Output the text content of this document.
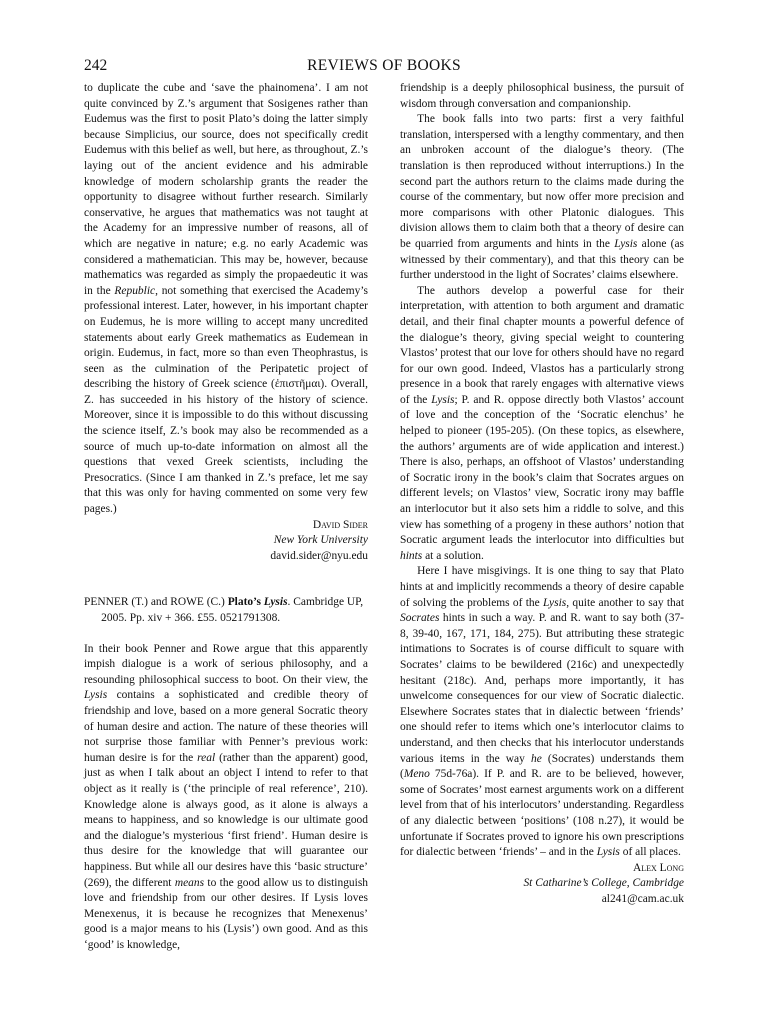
242	REVIEWS OF BOOKS

to duplicate the cube and ‘save the phainomena’. I am not quite convinced by Z.’s argument that Sosigenes rather than Eudemus was the first to posit Plato’s doing the latter simply because Simplicius, our source, does not specifically credit Eudemus with this belief as well, but here, as throughout, Z.’s laying out of the ancient evidence and his admirable knowledge of modern scholarship grants the reader the opportunity to disagree without further research. Similarly conservative, he argues that mathematics was not taught at the Academy for an impressive number of reasons, all of which are negative in nature; e.g. no early Academic was considered a mathematician. This may be, however, because mathematics was regarded as simply the propaedeutic it was in the Republic, not something that exercised the Academy’s professional interest. Later, however, in his important chapter on Eudemus, he is more willing to accept many uncredited statements about early Greek mathematics as Eudemean in origin. Eudemus, in fact, more so than even Theophrastus, is seen as the culmination of the Peripatetic project of describing the history of Greek science (ἐπιστῆμαι). Overall, Z. has succeeded in his history of the history of science. Moreover, since it is impossible to do this without discussing the science itself, Z.’s book may also be recommended as a source of much up-to-date information on almost all the questions that vexed Greek scientists, including the Presocratics. (Since I am thanked in Z.’s preface, let me say that this was only for having commented on some very few pages.)

David Sider

New York University

david.sider@nyu.edu

PENNER (T.) and ROWE (C.) Plato’s Lysis. Cambridge UP, 2005. Pp. xiv + 366. £55. 0521791308.

In their book Penner and Rowe argue that this apparently impish dialogue is a work of serious philosophy, and a resounding philosophical success to boot. On their view, the Lysis contains a sophisticated and credible theory of friendship and love, based on a more general Socratic theory of human desire and action. The nature of these theories will not surprise those familiar with Penner’s previous work: human desire is for the real (rather than the apparent) good, just as when I talk about an object I intend to refer to that object as it really is (‘the principle of real reference’, 210). Knowledge alone is always good, as it alone is always a means to happiness, and so knowledge is our ultimate good and the dialogue’s mysterious ‘first friend’. Human desire is thus desire for the knowledge that will guarantee our happiness. But while all our desires have this ‘basic structure’ (269), the different means to the good allow us to distinguish love and friendship from our other desires. If Lysis loves Menexenus, it is because he recognizes that Menexenus’ good is a major means to his (Lysis’) own good. And as this ‘good’ is knowledge,

friendship is a deeply philosophical business, the pursuit of wisdom through conversation and companionship.

The book falls into two parts: first a very faithful translation, interspersed with a lengthy commentary, and then an unbroken account of the dialogue’s theory. (The translation is then reproduced without interruptions.) In the second part the authors return to the claims made during the course of the commentary, but now offer more precision and more comparisons with other Platonic dialogues. This division allows them to claim both that a theory of desire can be quarried from arguments and hints in the Lysis alone (as witnessed by their commentary), and that this theory can be further understood in the light of Socrates’ claims elsewhere.

The authors develop a powerful case for their interpretation, with attention to both argument and dramatic detail, and their final chapter mounts a powerful defence of the dialogue’s theory, giving special weight to countering Vlastos’ protest that our love for others should have no regard for our own good. Indeed, Vlastos has a particularly strong presence in a book that rarely engages with alternative views of the Lysis; P. and R. oppose directly both Vlastos’ account of love and the conception of the ‘Socratic elenchus’ he helped to pioneer (195-205). (On these topics, as elsewhere, the authors’ arguments are of wide application and interest.) There is also, perhaps, an offshoot of Vlastos’ understanding of Socratic irony in the book’s claim that Socrates argues on different levels; on Vlastos’ view, Socratic irony may baffle an interlocutor but it also sets him a riddle to solve, and this view has something of a progeny in these authors’ notion that Socratic argument leads the interlocutor into difficulties but hints at a solution.

Here I have misgivings. It is one thing to say that Plato hints at and implicitly recommends a theory of desire capable of solving the problems of the Lysis, quite another to say that Socrates hints in such a way. P. and R. want to say both (37-8, 39-40, 167, 171, 184, 275). But attributing these strategic intimations to Socrates is of course difficult to square with Socrates’ claims to be bewildered (216c) and unexpectedly hesitant (218c). And, perhaps more importantly, it has unwelcome consequences for our view of Socratic dialectic. Elsewhere Socrates states that in dialectic between ‘friends’ one should refer to items which one’s interlocutor claims to understand, and then checks that his interlocutor understands various items in the way he (Socrates) understands them (Meno 75d-76a). If P. and R. are to be believed, however, some of Socrates’ most earnest arguments work on a different level from that of his interlocutors’ understanding. Regardless of any dialectic between ‘positions’ (108 n.27), it would be unfortunate if Socrates proved to ignore his own prescriptions for dialectic between ‘friends’ – and in the Lysis of all places.

Alex Long

St Catharine’s College, Cambridge

al241@cam.ac.uk
